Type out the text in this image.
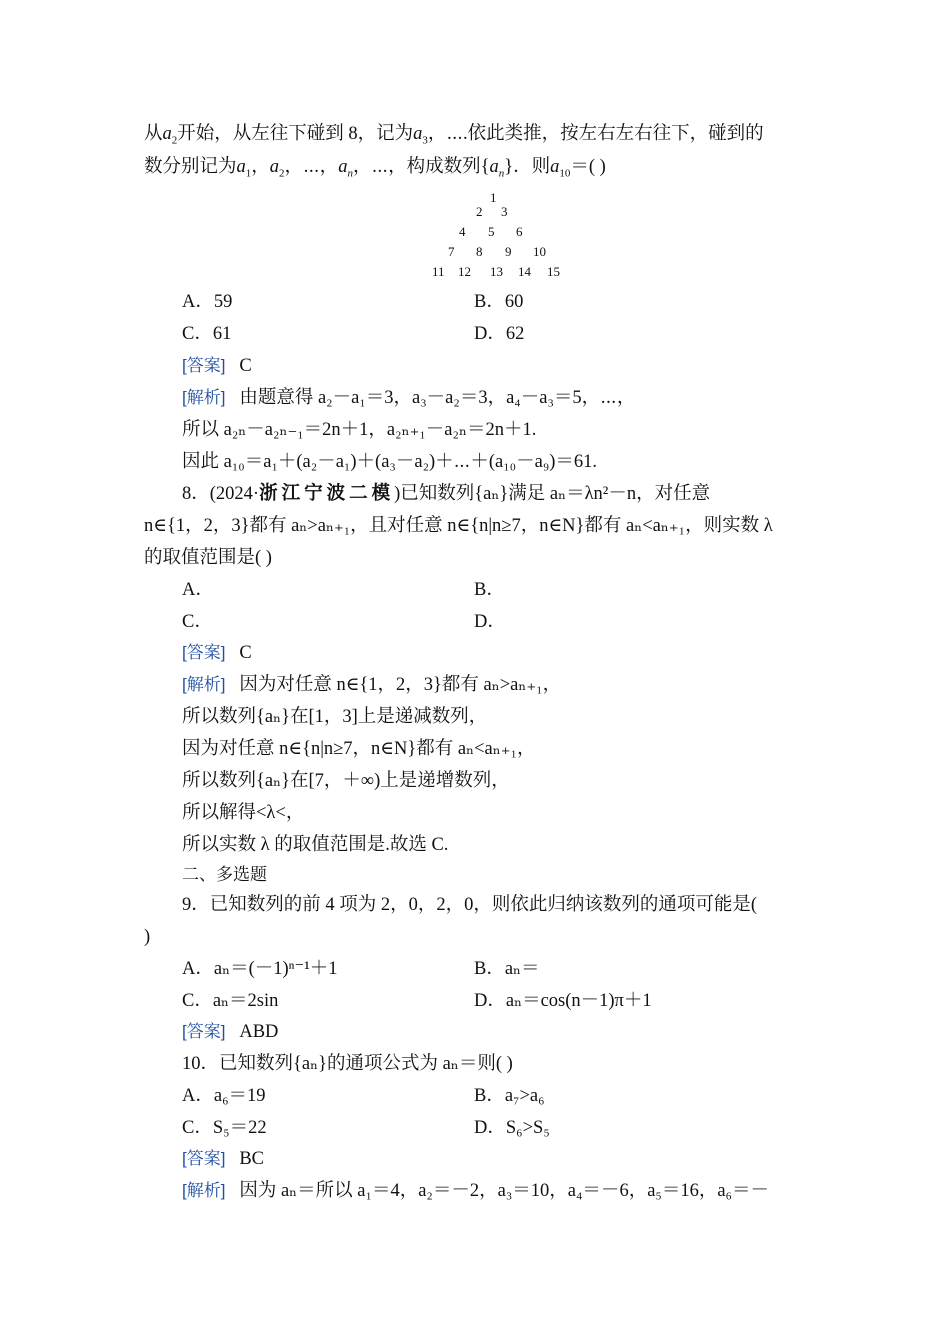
从$a_2$开始，从左往下碰到 8，记为$a_3$，⋯.依此类推，按左右左右往下，碰到的
数分别记为$a_1$，$a_2$，⋯，$a_n$，⋯，构成数列$\{a_n\}$．则$a_{10}=$( )
1
2 3
4 5 6
7 8 9 10
11 12 13 14 15
A．59	B．60
C．61	D．62
[答案] C
[解析] 由题意得 a₂－a₁＝3，a₃－a₂＝3，a₄－a₃＝5，⋯，
所以 a₂ₙ－a₂ₙ₋₁＝2n＋1，a₂ₙ₊₁－a₂ₙ＝2n＋1.
因此 a₁₀＝a₁＋(a₂－a₁)＋(a₃－a₂)＋⋯＋(a₁₀－a₉)＝61.
8．(2024·浙江宁波二模)已知数列{aₙ}满足 aₙ＝λn²－n，对任意
n∈{1，2，3}都有 aₙ>aₙ₊₁，且对任意 n∈{n|n≥7，n∈N}都有 aₙ<aₙ₊₁，则实数 λ
的取值范围是( )
A．	B．
C．	D．
[答案] C
[解析] 因为对任意 n∈{1，2，3}都有 aₙ>aₙ₊₁，
所以数列{aₙ}在[1，3]上是递减数列，
因为对任意 n∈{n|n≥7，n∈N}都有 aₙ<aₙ₊₁，
所以数列{aₙ}在[7，＋∞)上是递增数列，
所以解得<λ<，
所以实数 λ 的取值范围是.故选 C.
二、多选题
9．已知数列的前 4 项为 2，0，2，0，则依此归纳该数列的通项可能是(
)
A．aₙ＝(－1)ⁿ⁻¹＋1	B．aₙ＝
C．aₙ＝2sin	D．aₙ＝cos(n－1)π＋1
[答案] ABD
10．已知数列{aₙ}的通项公式为 aₙ＝则( )
A．a₆＝19	B．a₇>a₆
C．S₅＝22	D．S₆>S₅
[答案] BC
[解析] 因为 aₙ＝所以 a₁＝4，a₂＝－2，a₃＝10，a₄＝－6，a₅＝16，a₆＝－
